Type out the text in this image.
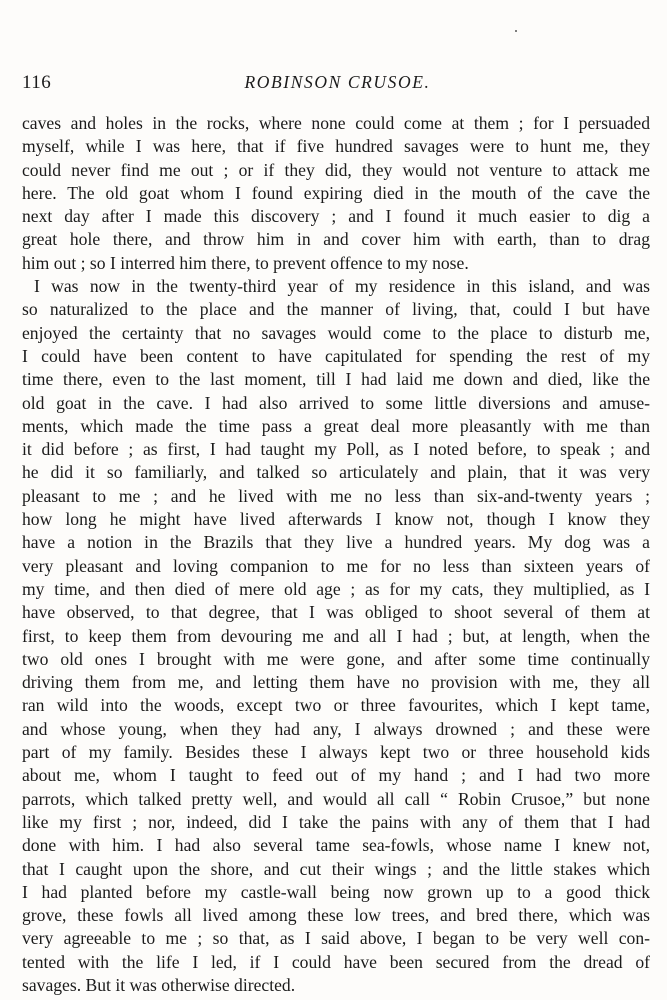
116	ROBINSON CRUSOE.
caves and holes in the rocks, where none could come at them ; for I persuaded
myself, while I was here, that if five hundred savages were to hunt me, they
could never find me out ; or if they did, they would not venture to attack me
here. The old goat whom I found expiring died in the mouth of the cave the
next day after I made this discovery ; and I found it much easier to dig a
great hole there, and throw him in and cover him with earth, than to drag
him out ; so I interred him there, to prevent offence to my nose.
I was now in the twenty-third year of my residence in this island, and was
so naturalized to the place and the manner of living, that, could I but have
enjoyed the certainty that no savages would come to the place to disturb me,
I could have been content to have capitulated for spending the rest of my
time there, even to the last moment, till I had laid me down and died, like the
old goat in the cave. I had also arrived to some little diversions and amuse-
ments, which made the time pass a great deal more pleasantly with me than
it did before ; as first, I had taught my Poll, as I noted before, to speak ; and
he did it so familiarly, and talked so articulately and plain, that it was very
pleasant to me ; and he lived with me no less than six-and-twenty years ;
how long he might have lived afterwards I know not, though I know they
have a notion in the Brazils that they live a hundred years. My dog was a
very pleasant and loving companion to me for no less than sixteen years of
my time, and then died of mere old age ; as for my cats, they multiplied, as I
have observed, to that degree, that I was obliged to shoot several of them at
first, to keep them from devouring me and all I had ; but, at length, when the
two old ones I brought with me were gone, and after some time continually
driving them from me, and letting them have no provision with me, they all
ran wild into the woods, except two or three favourites, which I kept tame,
and whose young, when they had any, I always drowned ; and these were
part of my family. Besides these I always kept two or three household kids
about me, whom I taught to feed out of my hand ; and I had two more
parrots, which talked pretty well, and would all call “ Robin Crusoe,” but none
like my first ; nor, indeed, did I take the pains with any of them that I had
done with him. I had also several tame sea-fowls, whose name I knew not,
that I caught upon the shore, and cut their wings ; and the little stakes which
I had planted before my castle-wall being now grown up to a good thick
grove, these fowls all lived among these low trees, and bred there, which was
very agreeable to me ; so that, as I said above, I began to be very well con-
tented with the life I led, if I could have been secured from the dread of
savages. But it was otherwise directed.
